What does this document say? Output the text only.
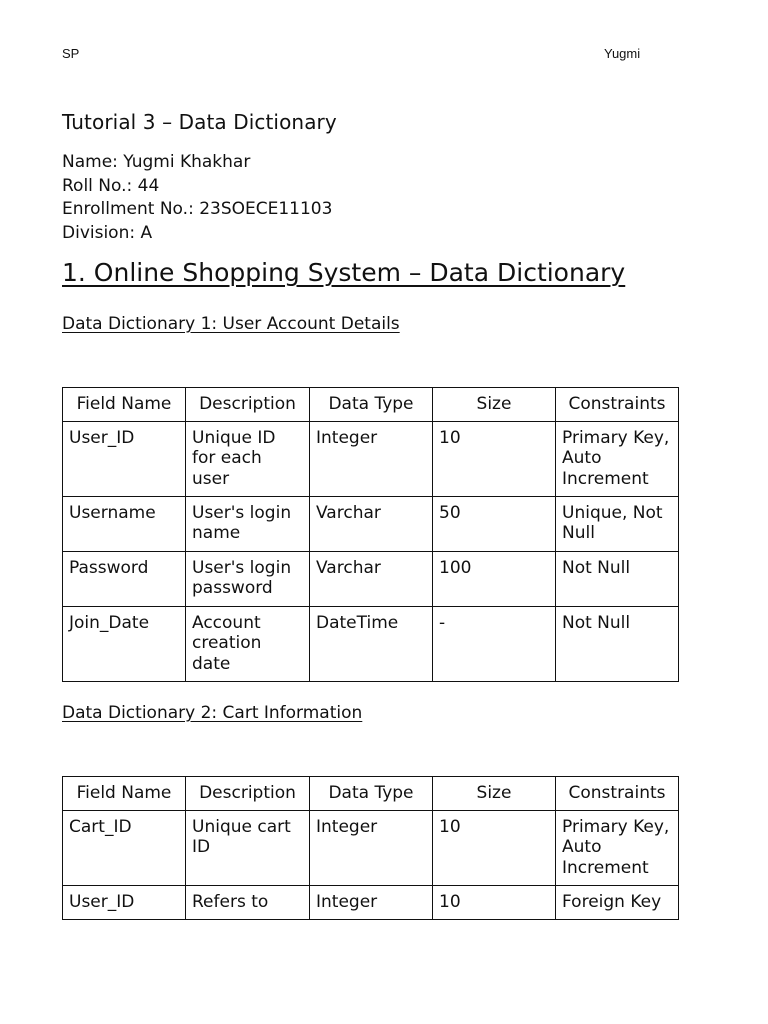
SP	Yugmi
Tutorial 3 – Data Dictionary
Name: Yugmi Khakhar
Roll No.: 44
Enrollment No.: 23SOECE11103
Division: A
1. Online Shopping System – Data Dictionary
Data Dictionary 1: User Account Details
Field Name	Description	Data Type	Size	Constraints
User_ID	Unique ID for each user	Integer	10	Primary Key, Auto Increment
Username	User's login name	Varchar	50	Unique, Not Null
Password	User's login password	Varchar	100	Not Null
Join_Date	Account creation date	DateTime	-	Not Null
Data Dictionary 2: Cart Information
Field Name	Description	Data Type	Size	Constraints
Cart_ID	Unique cart ID	Integer	10	Primary Key, Auto Increment
User_ID	Refers to	Integer	10	Foreign Key
